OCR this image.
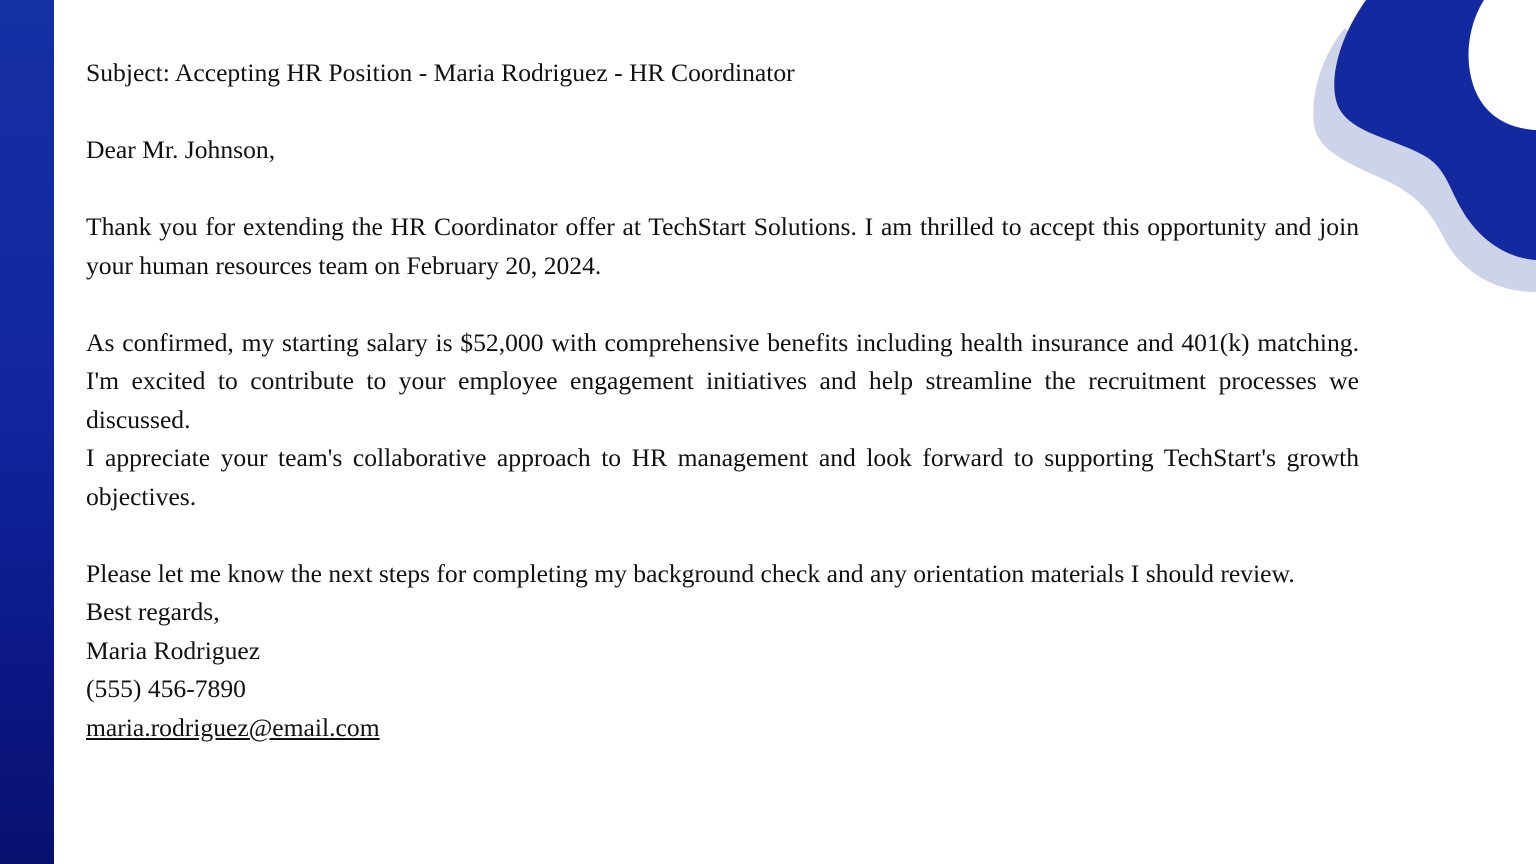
Subject: Accepting HR Position - Maria Rodriguez - HR Coordinator

Dear Mr. Johnson,

Thank you for extending the HR Coordinator offer at TechStart Solutions. I am thrilled to accept this opportunity and join your human resources team on February 20, 2024.

As confirmed, my starting salary is $52,000 with comprehensive benefits including health insurance and 401(k) matching. I'm excited to contribute to your employee engagement initiatives and help streamline the recruitment processes we discussed.

I appreciate your team's collaborative approach to HR management and look forward to supporting TechStart's growth objectives.

Please let me know the next steps for completing my background check and any orientation materials I should review.

Best regards,

Maria Rodriguez

(555) 456-7890

maria.rodriguez@email.com
